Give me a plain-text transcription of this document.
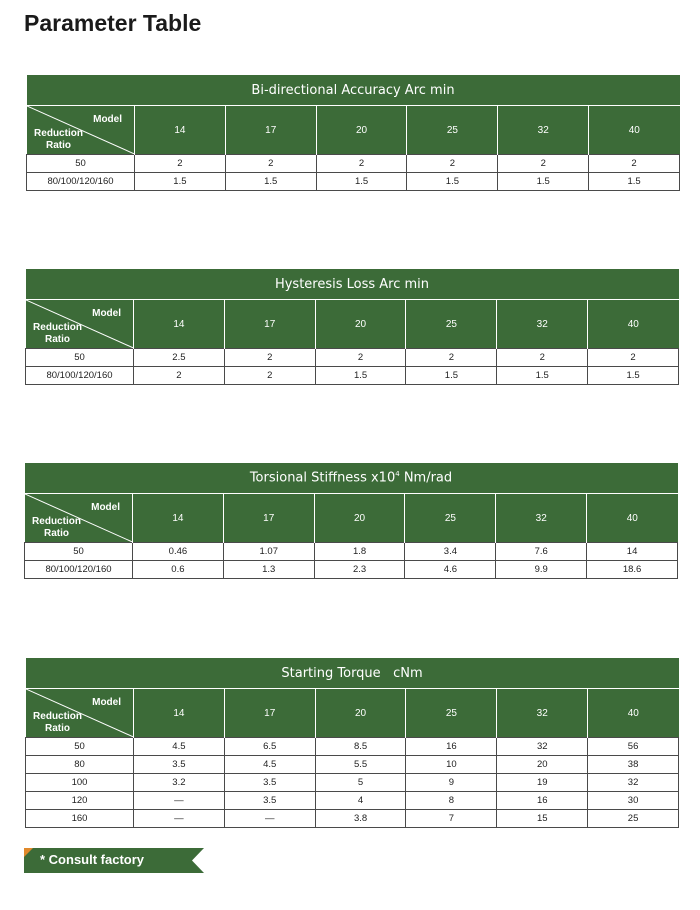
Parameter Table
Bi-directional Accuracy Arc min						

Model
Reduction
Ratio	14	17	20	25	32	40
50	2	2	2	2	2	2
80/100/120/160	1.5	1.5	1.5	1.5	1.5	1.5
Hysteresis Loss Arc min						

Model
Reduction
Ratio	14	17	20	25	32	40
50	2.5	2	2	2	2	2
80/100/120/160	2	2	1.5	1.5	1.5	1.5
Torsional Stiffness $x10^4$ Nm/rad						

Model
Reduction
Ratio	14	17	20	25	32	40
50	0.46	1.07	1.8	3.4	7.6	14
80/100/120/160	0.6	1.3	2.3	4.6	9.9	18.6
Starting Torque   cNm						

Model
Reduction
Ratio	14	17	20	25	32	40
50	4.5	6.5	8.5	16	32	56
80	3.5	4.5	5.5	10	20	38
100	3.2	3.5	5	9	19	32
120	—	3.5	4	8	16	30
160	—	—	3.8	7	15	25
* Consult factory
